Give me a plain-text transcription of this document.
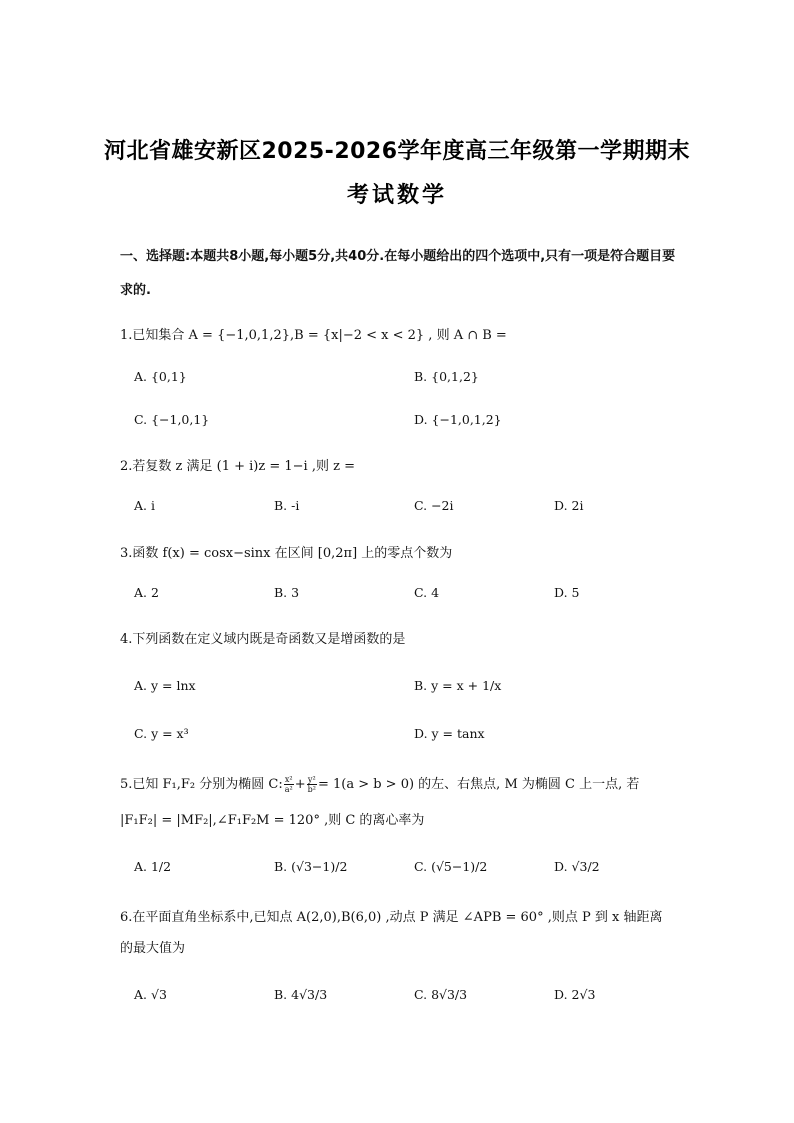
河北省雄安新区2025-2026学年度高三年级第一学期期末
考试数学
一、选择题:本题共8小题,每小题5分,共40分.在每小题给出的四个选项中,只有一项是符合题目要求的.
1.已知集合 A = {−1,0,1,2},B = {x|−2 < x < 2} , 则 A ∩ B =
A. {0,1}	B. {0,1,2}
C. {−1,0,1}	D. {−1,0,1,2}
2.若复数 z 满足 (1 + i)z = 1−i ,则 z =
A. i	B. -i	C. −2i	D. 2i
3.函数 f(x) = cosx−sinx 在区间 [0,2π] 上的零点个数为
A. 2	B. 3	C. 4	D. 5
4.下列函数在定义域内既是奇函数又是增函数的是
A. y = lnx	B. y = x + 1/x
C. y = x³	D. y = tanx
5.已知 F₁,F₂ 分别为椭圆 C: $\frac{\text{x²}}{\text{a²}} + \frac{\text{y²}}{\text{b²}} = 1(a > b > 0)$ 的左、右焦点, M 为椭圆 C 上一点, 若
|F₁F₂| = |MF₂|,∠F₁F₂M = 120° ,则 C 的离心率为
A. 1/2	B. (√3−1)/2	C. (√5−1)/2	D. √3/2
6.在平面直角坐标系中,已知点 A(2,0),B(6,0) ,动点 P 满足 ∠APB = 60° ,则点 P 到 x 轴距离
的最大值为
A. √3	B. 4√3/3	C. 8√3/3	D. 2√3
